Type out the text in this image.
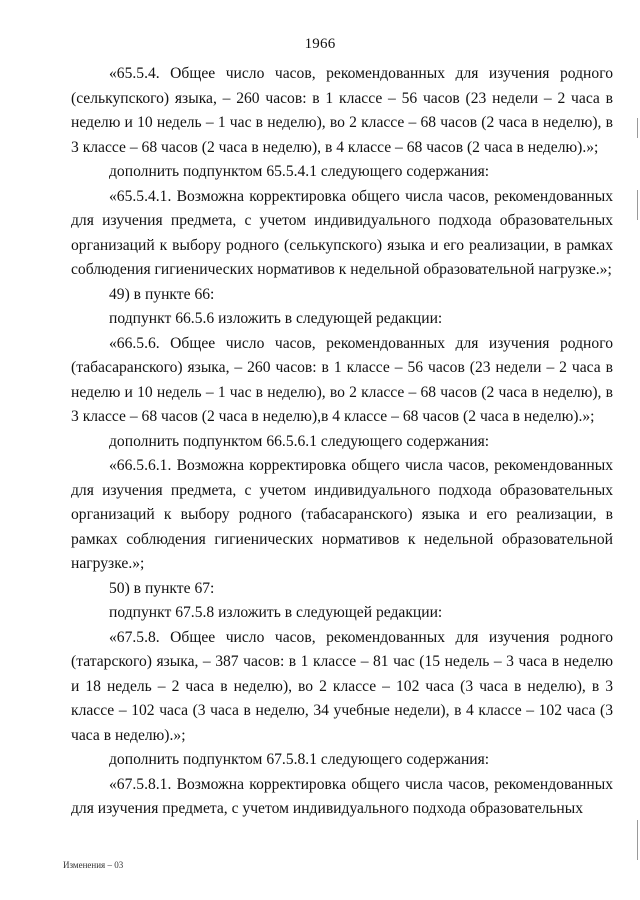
1966

«65.5.4. Общее число часов, рекомендованных для изучения родного (селькупского) языка, – 260 часов: в 1 классе – 56 часов (23 недели – 2 часа в неделю и 10 недель – 1 час в неделю), во 2 классе – 68 часов (2 часа в неделю), в 3 классе – 68 часов (2 часа в неделю), в 4 классе – 68 часов (2 часа в неделю).»;

дополнить подпунктом 65.5.4.1 следующего содержания:

«65.5.4.1. Возможна корректировка общего числа часов, рекомендованных для изучения предмета, с учетом индивидуального подхода образовательных организаций к выбору родного (селькупского) языка и его реализации, в рамках соблюдения гигиенических нормативов к недельной образовательной нагрузке.»;

49) в пункте 66:

подпункт 66.5.6 изложить в следующей редакции:

«66.5.6. Общее число часов, рекомендованных для изучения родного (табасаранского) языка, – 260 часов: в 1 классе – 56 часов (23 недели – 2 часа в неделю и 10 недель – 1 час в неделю), во 2 классе – 68 часов (2 часа в неделю), в 3 классе – 68 часов (2 часа в неделю),в 4 классе – 68 часов (2 часа в неделю).»;

дополнить подпунктом 66.5.6.1 следующего содержания:

«66.5.6.1. Возможна корректировка общего числа часов, рекомендованных для изучения предмета, с учетом индивидуального подхода образовательных организаций к выбору родного (табасаранского) языка и его реализации, в рамках соблюдения гигиенических нормативов к недельной образовательной нагрузке.»;

50) в пункте 67:

подпункт 67.5.8 изложить в следующей редакции:

«67.5.8. Общее число часов, рекомендованных для изучения родного (татарского) языка, – 387 часов: в 1 классе – 81 час (15 недель – 3 часа в неделю и 18 недель – 2 часа в неделю), во 2 классе – 102 часа (3 часа в неделю), в 3 классе – 102 часа (3 часа в неделю, 34 учебные недели), в 4 классе – 102 часа (3 часа в неделю).»;

дополнить подпунктом 67.5.8.1 следующего содержания:

«67.5.8.1. Возможна корректировка общего числа часов, рекомендованных для изучения предмета, с учетом индивидуального подхода образовательных

Изменения – 03
